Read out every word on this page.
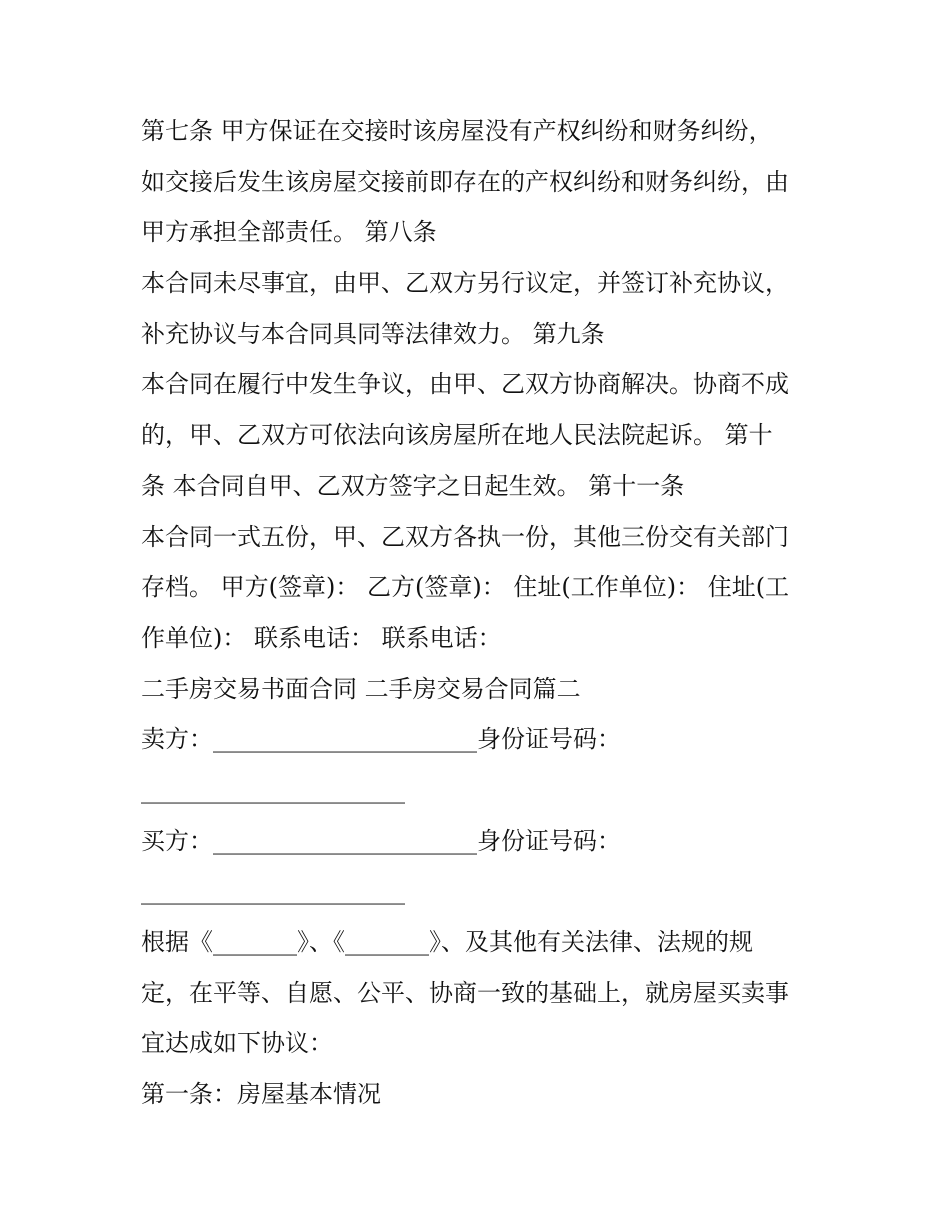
第七条 甲方保证在交接时该房屋没有产权纠纷和财务纠纷，
如交接后发生该房屋交接前即存在的产权纠纷和财务纠纷，由
甲方承担全部责任。 第八条
本合同未尽事宜，由甲、乙双方另行议定，并签订补充协议，
补充协议与本合同具同等法律效力。 第九条
本合同在履行中发生争议，由甲、乙双方协商解决。协商不成
的，甲、乙双方可依法向该房屋所在地人民法院起诉。 第十
条 本合同自甲、乙双方签字之日起生效。 第十一条
本合同一式五份，甲、乙双方各执一份，其他三份交有关部门
存档。 甲方(签章)： 乙方(签章)： 住址(工作单位)： 住址(工
作单位)： 联系电话： 联系电话：
二手房交易书面合同 二手房交易合同篇二
卖方：______________________身份证号码：
______________________
买方：______________________身份证号码：
______________________
根据《_______》、《_______》、及其他有关法律、法规的规
定，在平等、自愿、公平、协商一致的基础上，就房屋买卖事
宜达成如下协议：
第一条：房屋基本情况
